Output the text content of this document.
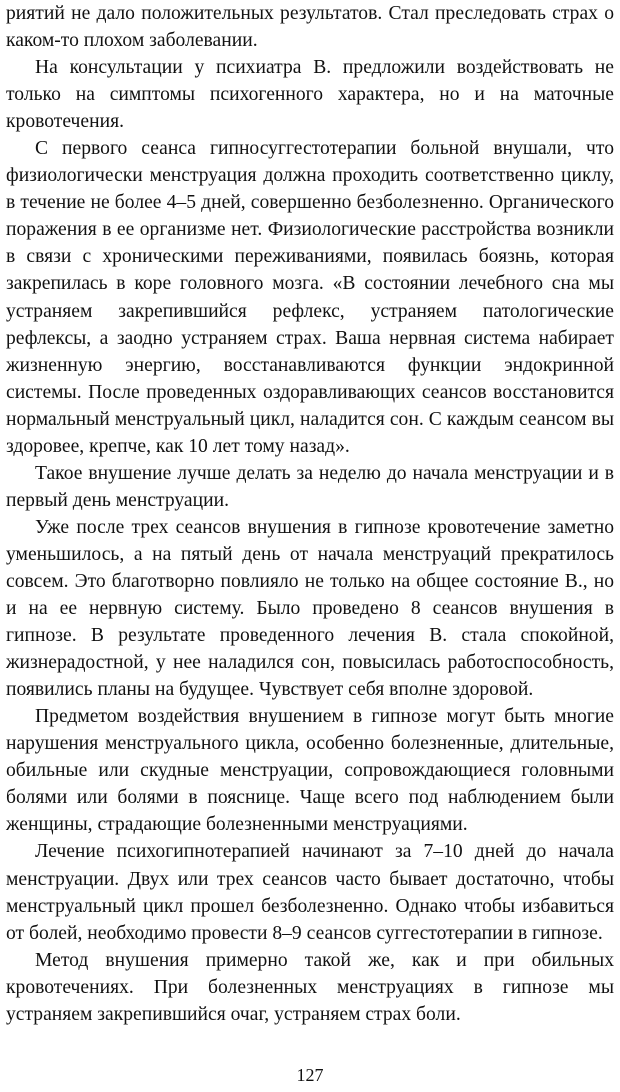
риятий не дало положительных результатов. Стал преследовать страх о каком-то плохом заболевании.

На консультации у психиатра В. предложили воздействовать не только на симптомы психогенного характера, но и на маточные кровотечения.

С первого сеанса гипносуггестотерапии больной внушали, что физиологически менструация должна проходить соответственно циклу, в течение не более 4–5 дней, совершенно безболезненно. Органического поражения в ее организме нет. Физиологические расстройства возникли в связи с хроническими переживаниями, появилась боязнь, которая закрепилась в коре головного мозга. «В состоянии лечебного сна мы устраняем закрепившийся рефлекс, устраняем патологические рефлексы, а заодно устраняем страх. Ваша нервная система набирает жизненную энергию, восстанавливаются функции эндокринной системы. После проведенных оздоравливающих сеансов восстановится нормальный менструальный цикл, наладится сон. С каждым сеансом вы здоровее, крепче, как 10 лет тому назад».

Такое внушение лучше делать за неделю до начала менструации и в первый день менструации.

Уже после трех сеансов внушения в гипнозе кровотечение заметно уменьшилось, а на пятый день от начала менструаций прекратилось совсем. Это благотворно повлияло не только на общее состояние В., но и на ее нервную систему. Было проведено 8 сеансов внушения в гипнозе. В результате проведенного лечения В. стала спокойной, жизнерадостной, у нее наладился сон, повысилась работоспособность, появились планы на будущее. Чувствует себя вполне здоровой.

Предметом воздействия внушением в гипнозе могут быть многие нарушения менструального цикла, особенно болезненные, длительные, обильные или скудные менструации, сопровождающиеся головными болями или болями в пояснице. Чаще всего под наблюдением были женщины, страдающие болезненными менструациями.

Лечение психогипнотерапией начинают за 7–10 дней до начала менструации. Двух или трех сеансов часто бывает достаточно, чтобы менструальный цикл прошел безболезненно. Однако чтобы избавиться от болей, необходимо провести 8–9 сеансов суггестотерапии в гипнозе.

Метод внушения примерно такой же, как и при обильных кровотечениях. При болезненных менструациях в гипнозе мы устраняем закрепившийся очаг, устраняем страх боли.

127
